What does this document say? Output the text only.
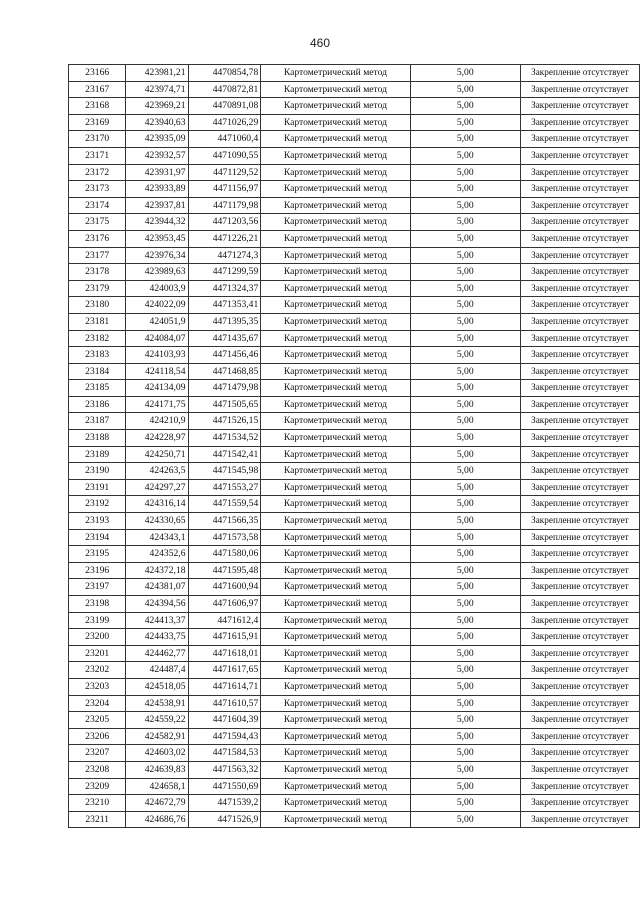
460
23166	423981,21	4470854,78	Картометрический метод	5,00	Закрепление отсутствует
23167	423974,71	4470872,81	Картометрический метод	5,00	Закрепление отсутствует
23168	423969,21	4470891,08	Картометрический метод	5,00	Закрепление отсутствует
23169	423940,63	4471026,29	Картометрический метод	5,00	Закрепление отсутствует
23170	423935,09	4471060,4	Картометрический метод	5,00	Закрепление отсутствует
23171	423932,57	4471090,55	Картометрический метод	5,00	Закрепление отсутствует
23172	423931,97	4471129,52	Картометрический метод	5,00	Закрепление отсутствует
23173	423933,89	4471156,97	Картометрический метод	5,00	Закрепление отсутствует
23174	423937,81	4471179,98	Картометрический метод	5,00	Закрепление отсутствует
23175	423944,32	4471203,56	Картометрический метод	5,00	Закрепление отсутствует
23176	423953,45	4471226,21	Картометрический метод	5,00	Закрепление отсутствует
23177	423976,34	4471274,3	Картометрический метод	5,00	Закрепление отсутствует
23178	423989,63	4471299,59	Картометрический метод	5,00	Закрепление отсутствует
23179	424003,9	4471324,37	Картометрический метод	5,00	Закрепление отсутствует
23180	424022,09	4471353,41	Картометрический метод	5,00	Закрепление отсутствует
23181	424051,9	4471395,35	Картометрический метод	5,00	Закрепление отсутствует
23182	424084,07	4471435,67	Картометрический метод	5,00	Закрепление отсутствует
23183	424103,93	4471456,46	Картометрический метод	5,00	Закрепление отсутствует
23184	424118,54	4471468,85	Картометрический метод	5,00	Закрепление отсутствует
23185	424134,09	4471479,98	Картометрический метод	5,00	Закрепление отсутствует
23186	424171,75	4471505,65	Картометрический метод	5,00	Закрепление отсутствует
23187	424210,9	4471526,15	Картометрический метод	5,00	Закрепление отсутствует
23188	424228,97	4471534,52	Картометрический метод	5,00	Закрепление отсутствует
23189	424250,71	4471542,41	Картометрический метод	5,00	Закрепление отсутствует
23190	424263,5	4471545,98	Картометрический метод	5,00	Закрепление отсутствует
23191	424297,27	4471553,27	Картометрический метод	5,00	Закрепление отсутствует
23192	424316,14	4471559,54	Картометрический метод	5,00	Закрепление отсутствует
23193	424330,65	4471566,35	Картометрический метод	5,00	Закрепление отсутствует
23194	424343,1	4471573,58	Картометрический метод	5,00	Закрепление отсутствует
23195	424352,6	4471580,06	Картометрический метод	5,00	Закрепление отсутствует
23196	424372,18	4471595,48	Картометрический метод	5,00	Закрепление отсутствует
23197	424381,07	4471600,94	Картометрический метод	5,00	Закрепление отсутствует
23198	424394,56	4471606,97	Картометрический метод	5,00	Закрепление отсутствует
23199	424413,37	4471612,4	Картометрический метод	5,00	Закрепление отсутствует
23200	424433,75	4471615,91	Картометрический метод	5,00	Закрепление отсутствует
23201	424462,77	4471618,01	Картометрический метод	5,00	Закрепление отсутствует
23202	424487,4	4471617,65	Картометрический метод	5,00	Закрепление отсутствует
23203	424518,05	4471614,71	Картометрический метод	5,00	Закрепление отсутствует
23204	424538,91	4471610,57	Картометрический метод	5,00	Закрепление отсутствует
23205	424559,22	4471604,39	Картометрический метод	5,00	Закрепление отсутствует
23206	424582,91	4471594,43	Картометрический метод	5,00	Закрепление отсутствует
23207	424603,02	4471584,53	Картометрический метод	5,00	Закрепление отсутствует
23208	424639,83	4471563,32	Картометрический метод	5,00	Закрепление отсутствует
23209	424658,1	4471550,69	Картометрический метод	5,00	Закрепление отсутствует
23210	424672,79	4471539,2	Картометрический метод	5,00	Закрепление отсутствует
23211	424686,76	4471526,9	Картометрический метод	5,00	Закрепление отсутствует
